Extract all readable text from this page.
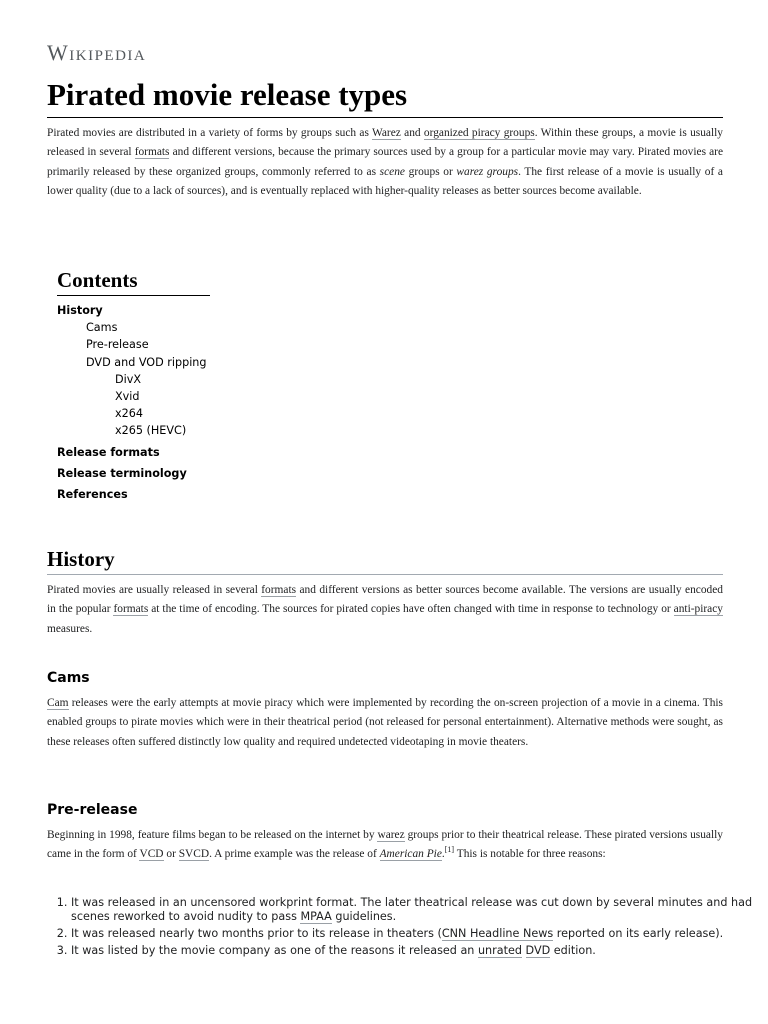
Wikipedia
Pirated movie release types
Pirated movies are distributed in a variety of forms by groups such as Warez and organized piracy groups. Within these groups, a movie is usually released in several formats and different versions, because the primary sources used by a group for a particular movie may vary. Pirated movies are primarily released by these organized groups, commonly referred to as scene groups or warez groups. The first release of a movie is usually of a lower quality (due to a lack of sources), and is eventually replaced with higher-quality releases as better sources become available.
Contents
History
Cams
Pre-release
DVD and VOD ripping
DivX
Xvid
x264
x265 (HEVC)
Release formats
Release terminology
References
History
Pirated movies are usually released in several formats and different versions as better sources become available. The versions are usually encoded in the popular formats at the time of encoding. The sources for pirated copies have often changed with time in response to technology or anti-piracy measures.
Cams
Cam releases were the early attempts at movie piracy which were implemented by recording the on-screen projection of a movie in a cinema. This enabled groups to pirate movies which were in their theatrical period (not released for personal entertainment). Alternative methods were sought, as these releases often suffered distinctly low quality and required undetected videotaping in movie theaters.
Pre-release
Beginning in 1998, feature films began to be released on the internet by warez groups prior to their theatrical release. These pirated versions usually came in the form of VCD or SVCD. A prime example was the release of American Pie.[1] This is notable for three reasons:
1. It was released in an uncensored workprint format. The later theatrical release was cut down by several minutes and had scenes reworked to avoid nudity to pass MPAA guidelines.
2. It was released nearly two months prior to its release in theaters (CNN Headline News reported on its early release).
3. It was listed by the movie company as one of the reasons it released an unrated DVD edition.
